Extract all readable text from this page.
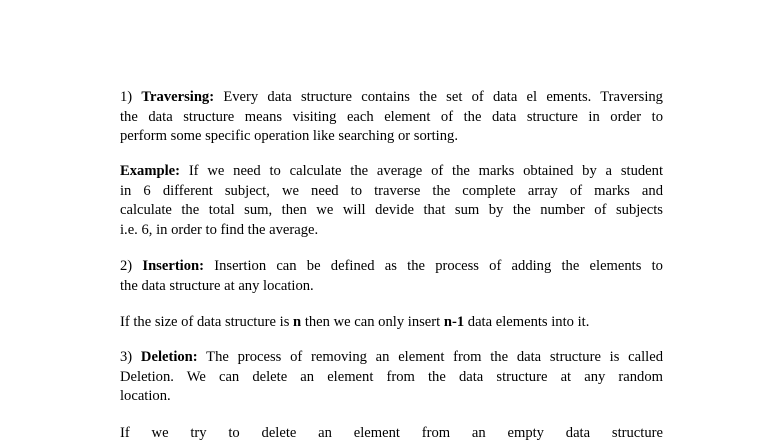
1) Traversing: Every data structure contains the set of data el ements. Traversing
the data structure means visiting each element of the data structure in order to
perform some specific operation like searching or sorting.
Example: If we need to calculate the average of the marks obtained by a student
in 6 different subject, we need to traverse the complete array of marks and
calculate the total sum, then we will devide that sum by the number of subjects
i.e. 6, in order to find the average.
2) Insertion: Insertion can be defined as the process of adding the elements to
the data structure at any location.
If the size of data structure is n then we can only insert n-1 data elements into it.
3) Deletion: The process of removing an element from the data structure is called
Deletion. We can delete an element from the data structure at any random
location.
If we try to delete an element from an empty data structure
